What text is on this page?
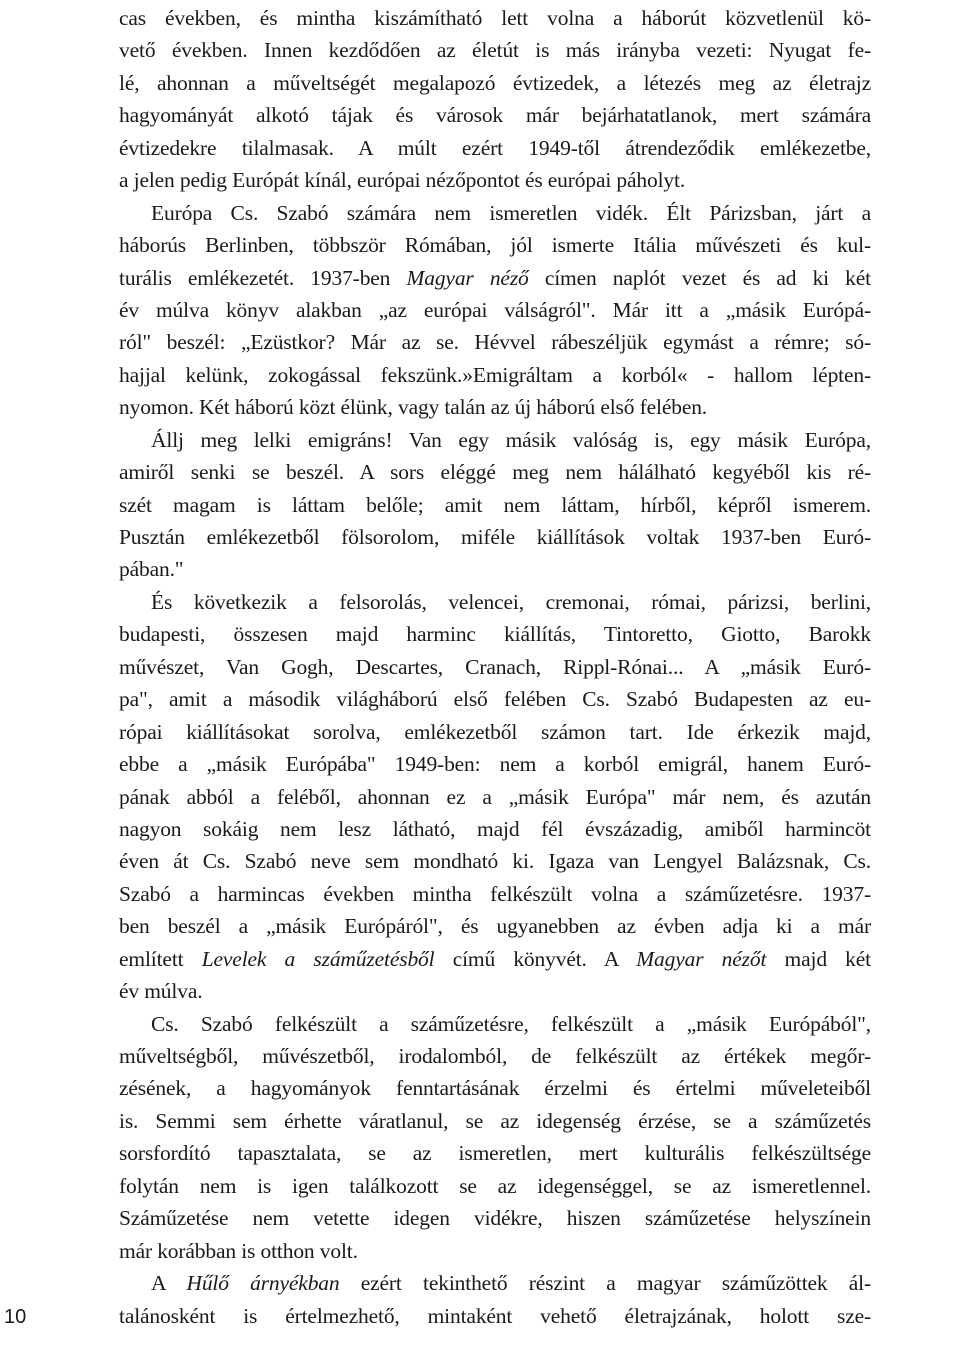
cas években, és mintha kiszámítható lett volna a háborút közvetlenül kö-
vető években. Innen kezdődően az életút is más irányba vezeti: Nyugat fe-
lé, ahonnan a műveltségét megalapozó évtizedek, a létezés meg az életrajz
hagyományát alkotó tájak és városok már bejárhatatlanok, mert számára
évtizedekre tilalmasak. A múlt ezért 1949-től átrendeződik emlékezetbe,
a jelen pedig Európát kínál, európai nézőpontot és európai páholyt.
Európa Cs. Szabó számára nem ismeretlen vidék. Élt Párizsban, járt a
háborús Berlinben, többször Rómában, jól ismerte Itália művészeti és kul-
turális emlékezetét. 1937-ben Magyar néző címen naplót vezet és ad ki két
év múlva könyv alakban „az európai válságról". Már itt a „másik Európá-
ról" beszél: „Ezüstkor? Már az se. Hévvel rábeszéljük egymást a rémre; só-
hajjal kelünk, zokogással fekszünk.»Emigráltam a korból« - hallom lépten-
nyomon. Két háború közt élünk, vagy talán az új háború első felében.
Állj meg lelki emigráns! Van egy másik valóság is, egy másik Európa,
amiről senki se beszél. A sors eléggé meg nem hálálható kegyéből kis ré-
szét magam is láttam belőle; amit nem láttam, hírből, képről ismerem.
Pusztán emlékezetből fölsorolom, miféle kiállítások voltak 1937-ben Euró-
pában."
És következik a felsorolás, velencei, cremonai, római, párizsi, berlini,
budapesti, összesen majd harminc kiállítás, Tintoretto, Giotto, Barokk
művészet, Van Gogh, Descartes, Cranach, Rippl-Rónai... A „másik Euró-
pa", amit a második világháború első felében Cs. Szabó Budapesten az eu-
rópai kiállításokat sorolva, emlékezetből számon tart. Ide érkezik majd,
ebbe a „másik Európába" 1949-ben: nem a korból emigrál, hanem Euró-
pának abból a feléből, ahonnan ez a „másik Európa" már nem, és azután
nagyon sokáig nem lesz látható, majd fél évszázadig, amiből harmincöt
éven át Cs. Szabó neve sem mondható ki. Igaza van Lengyel Balázsnak, Cs.
Szabó a harmincas években mintha felkészült volna a száműzetésre. 1937-
ben beszél a „másik Európáról", és ugyanebben az évben adja ki a már
említett Levelek a száműzetésből című könyvét. A Magyar nézőt majd két
év múlva.
Cs. Szabó felkészült a száműzetésre, felkészült a „másik Európából",
műveltségből, művészetből, irodalomból, de felkészült az értékek megőr-
zésének, a hagyományok fenntartásának érzelmi és értelmi műveleteiből
is. Semmi sem érhette váratlanul, se az idegenség érzése, se a száműzetés
sorsfordító tapasztalata, se az ismeretlen, mert kulturális felkészültsége
folytán nem is igen találkozott se az idegenséggel, se az ismeretlennel.
Száműzetése nem vetette idegen vidékre, hiszen száműzetése helyszínein
már korábban is otthon volt.
A Hűlő árnyékban ezért tekinthető részint a magyar száműzöttek ál-
talánosként is értelmezhető, mintaként vehető életrajzának, holott sze-
10
